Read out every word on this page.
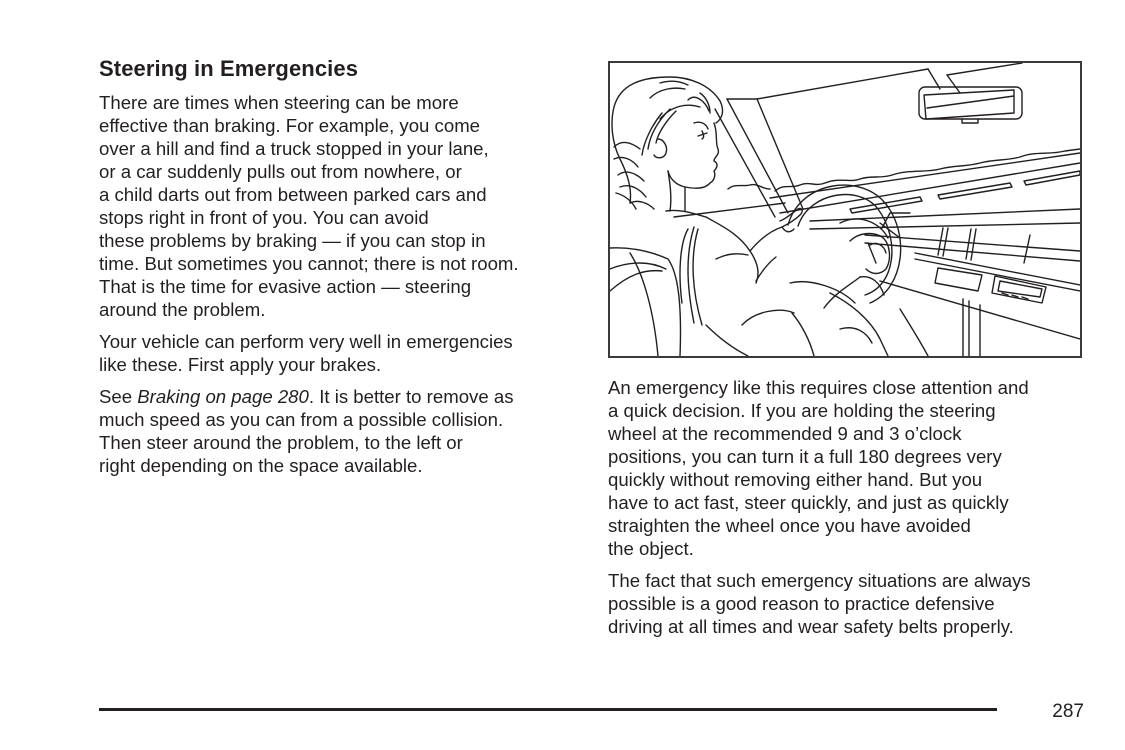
Steering in Emergencies

There are times when steering can be more
effective than braking. For example, you come
over a hill and find a truck stopped in your lane,
or a car suddenly pulls out from nowhere, or
a child darts out from between parked cars and
stops right in front of you. You can avoid
these problems by braking — if you can stop in
time. But sometimes you cannot; there is not room.
That is the time for evasive action — steering
around the problem.

Your vehicle can perform very well in emergencies
like these. First apply your brakes.

See Braking on page 280. It is better to remove as
much speed as you can from a possible collision.
Then steer around the problem, to the left or
right depending on the space available.

An emergency like this requires close attention and
a quick decision. If you are holding the steering
wheel at the recommended 9 and 3 o’clock
positions, you can turn it a full 180 degrees very
quickly without removing either hand. But you
have to act fast, steer quickly, and just as quickly
straighten the wheel once you have avoided
the object.

The fact that such emergency situations are always
possible is a good reason to practice defensive
driving at all times and wear safety belts properly.

287
